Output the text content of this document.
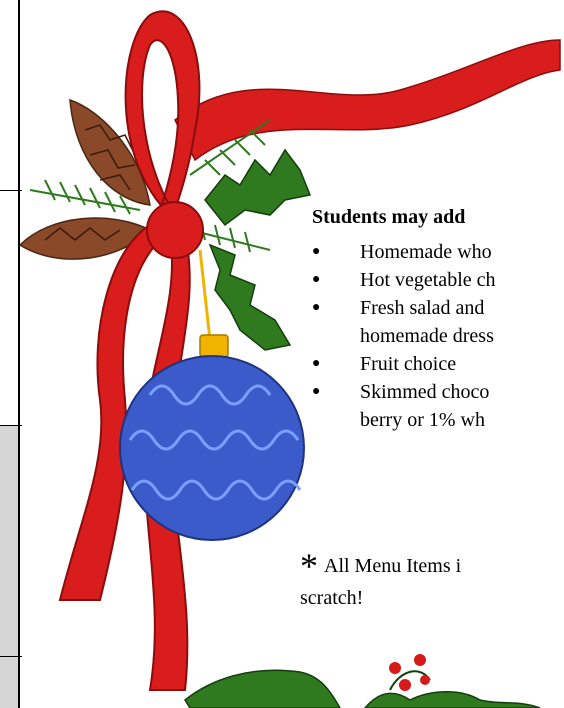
Students may add
● Homemade who
● Hot vegetable ch
● Fresh salad and
homemade dress
● Fruit choice
● Skimmed choco
berry or 1% wh
* All Menu Items i
scratch!
